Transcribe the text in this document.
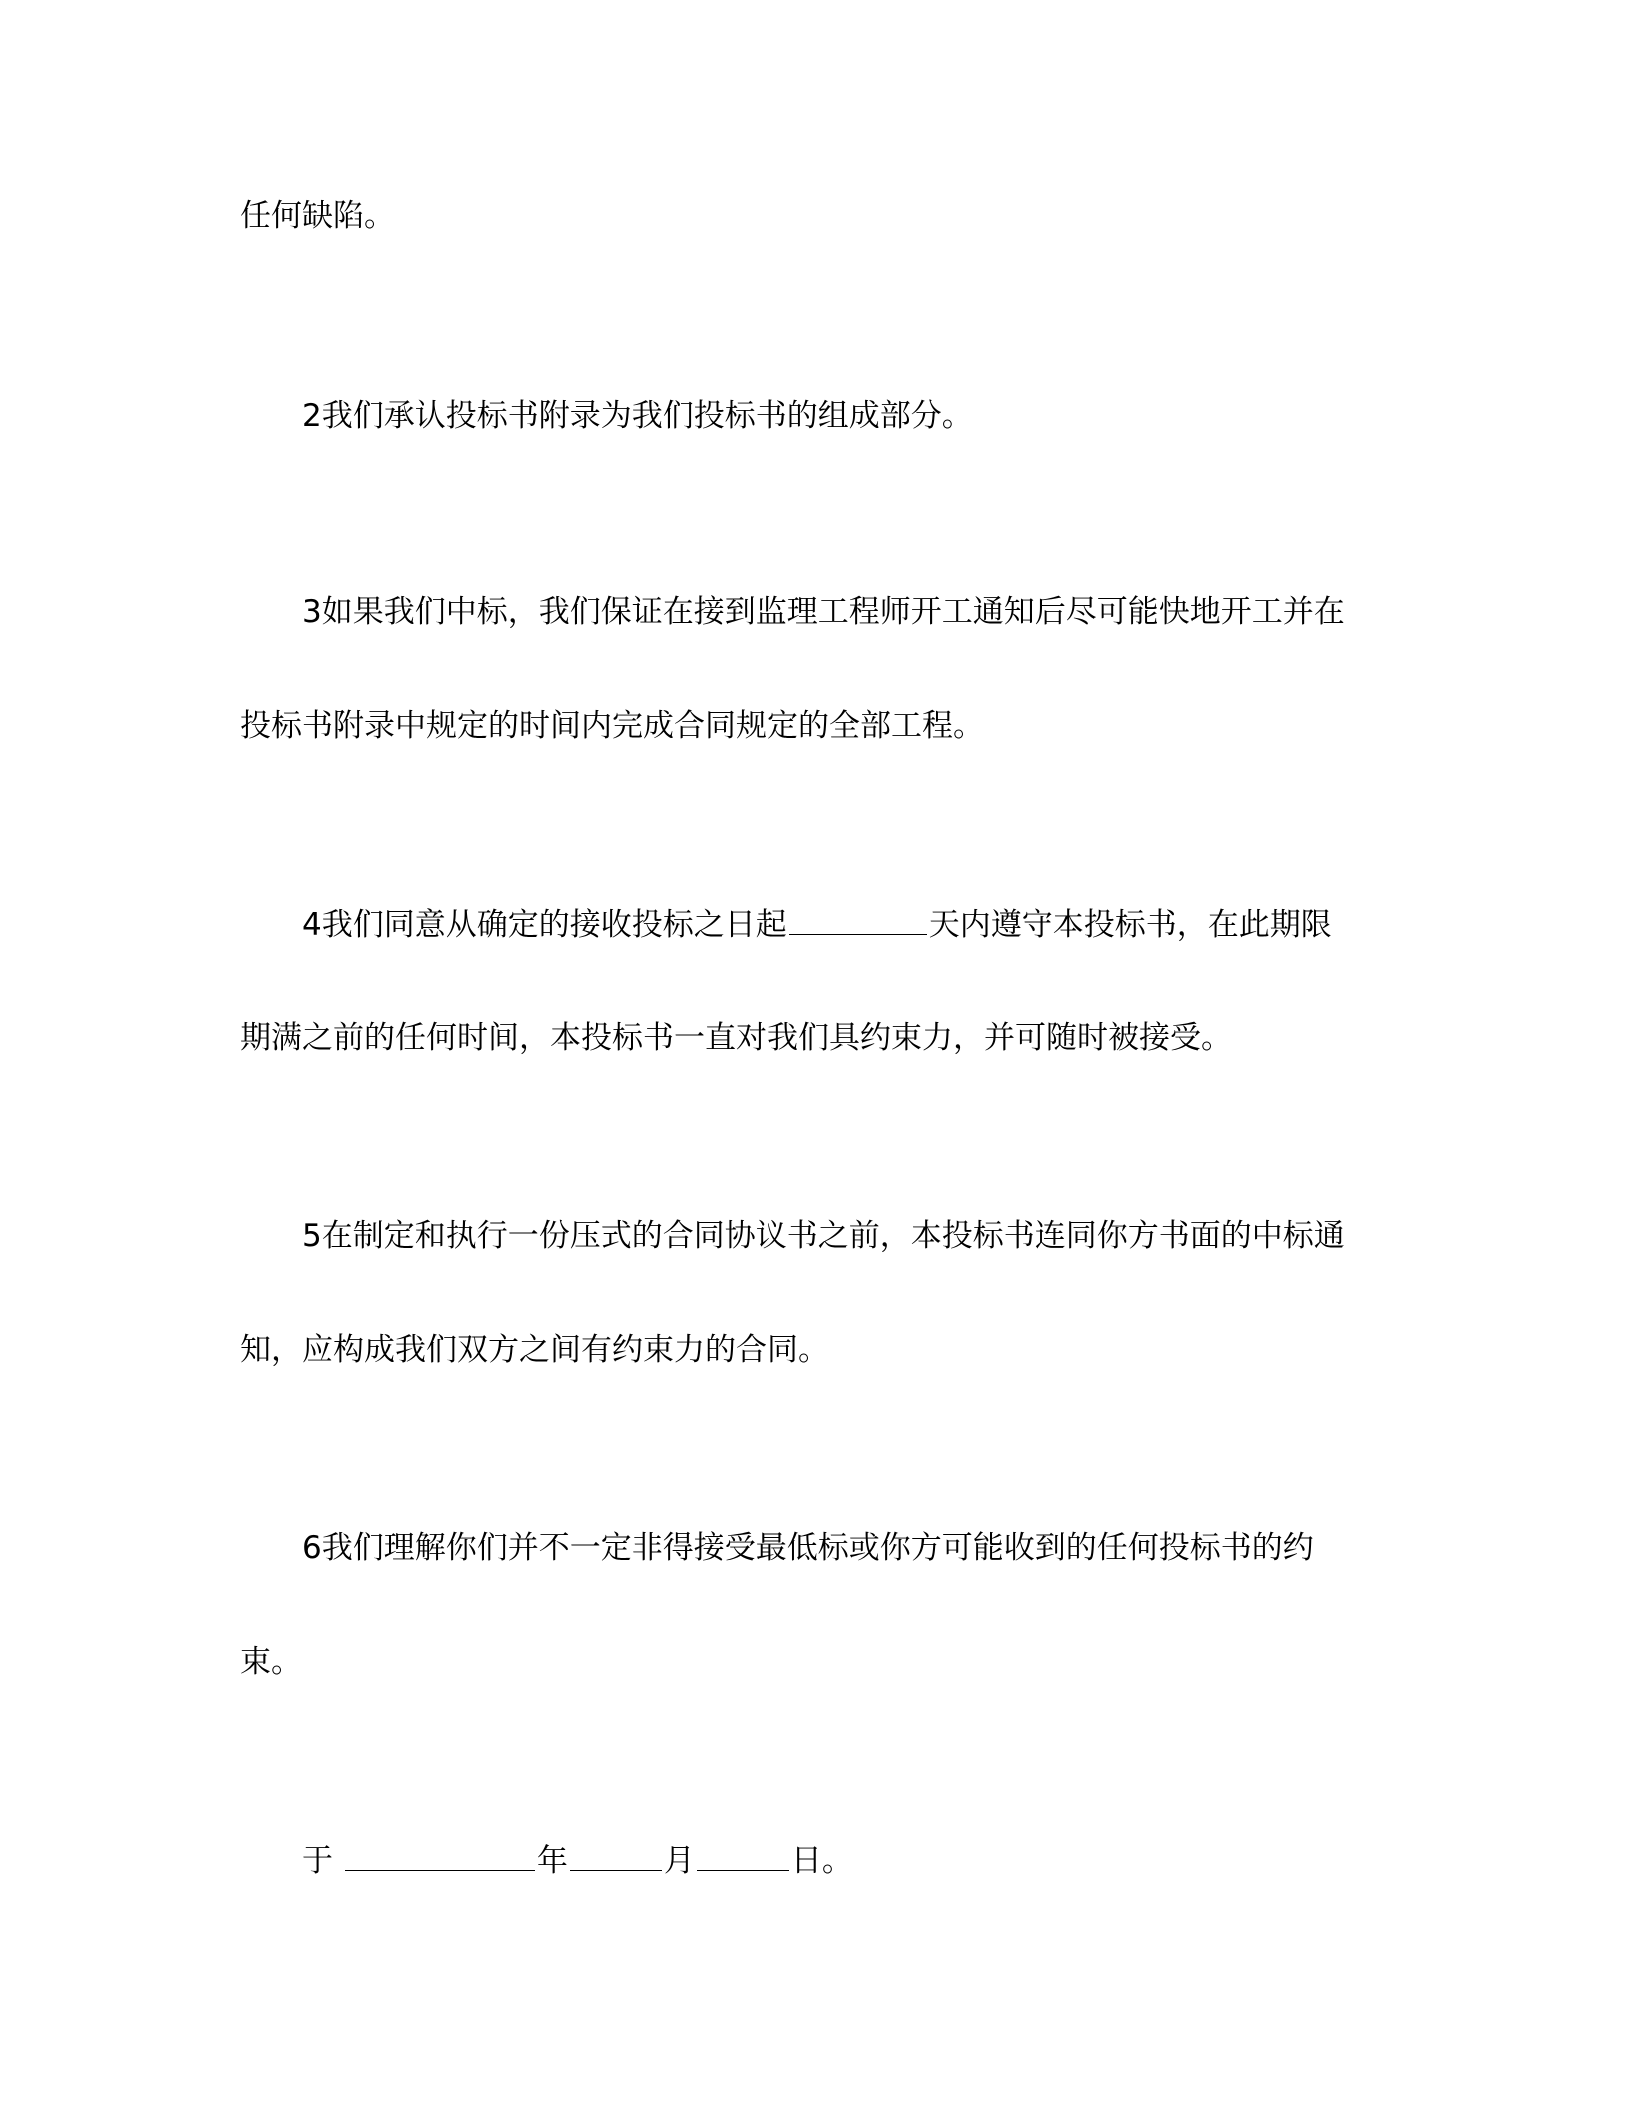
任何缺陷。
2我们承认投标书附录为我们投标书的组成部分。
3如果我们中标，我们保证在接到监理工程师开工通知后尽可能快地开工并在
投标书附录中规定的时间内完成合同规定的全部工程。
4我们同意从确定的接收投标之日起	天内遵守本投标书，在此期限
期满之前的任何时间，本投标书一直对我们具约束力，并可随时被接受。
5在制定和执行一份压式的合同协议书之前，本投标书连同你方书面的中标通
知，应构成我们双方之间有约束力的合同。
6我们理解你们并不一定非得接受最低标或你方可能收到的任何投标书的约
束。
于	年	月	日。
